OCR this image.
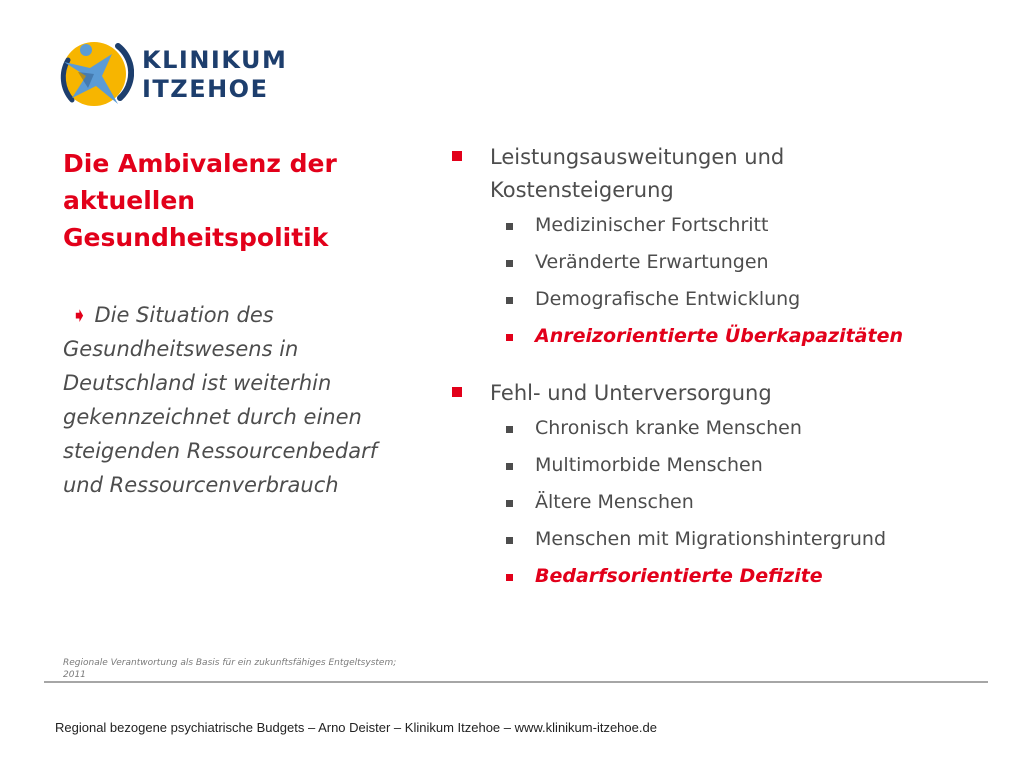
KLINIKUM
ITZEHOE
Die Ambivalenz der
aktuellen
Gesundheitspolitik
➧ Die Situation des
Gesundheitswesens in
Deutschland ist weiterhin
gekennzeichnet durch einen
steigenden Ressourcenbedarf
und Ressourcenverbrauch
Leistungsausweitungen und
Kostensteigerung
Medizinischer Fortschritt
Veränderte Erwartungen
Demografische Entwicklung
Anreizorientierte Überkapazitäten
Fehl- und Unterversorgung
Chronisch kranke Menschen
Multimorbide Menschen
Ältere Menschen
Menschen mit Migrationshintergrund
Bedarfsorientierte Defizite
Regionale Verantwortung als Basis für ein zukunftsfähiges Entgeltsystem;
2011
Regional bezogene psychiatrische Budgets – Arno Deister – Klinikum Itzehoe – www.klinikum-itzehoe.de
